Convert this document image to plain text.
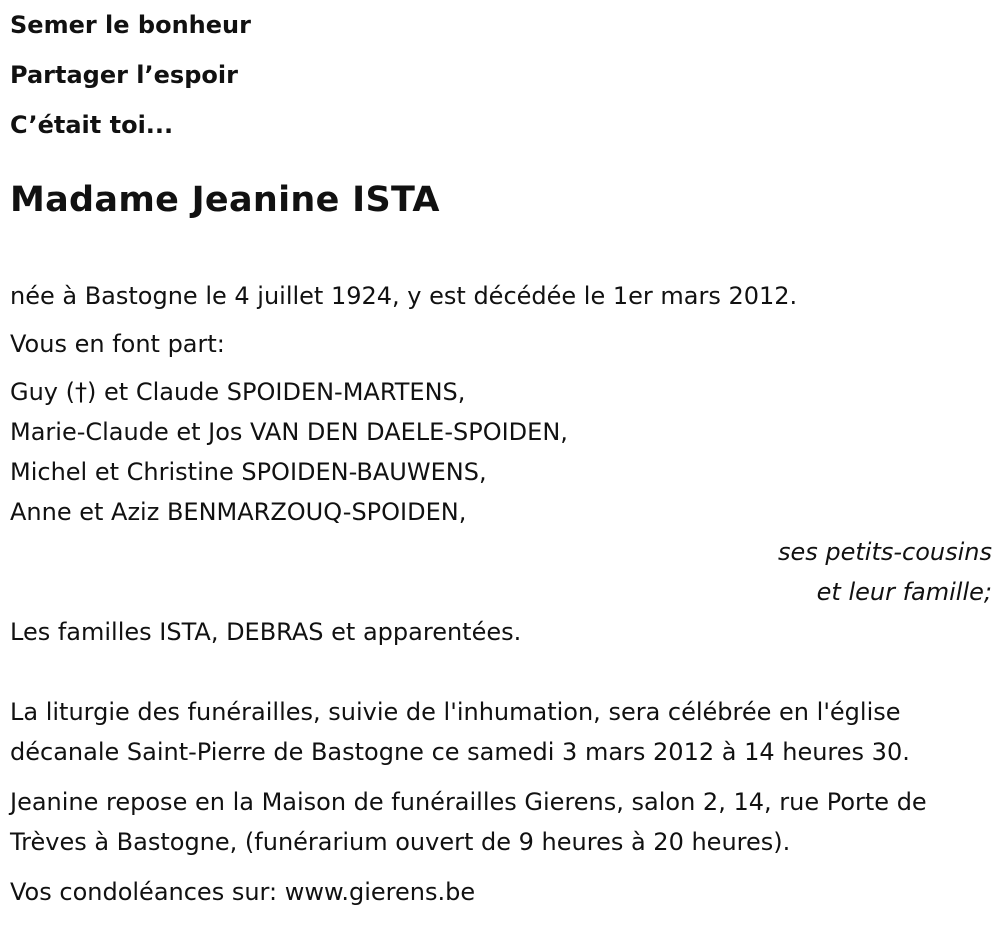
Semer le bonheur

Partager l’espoir

C’était toi...

Madame Jeanine ISTA

née à Bastogne le 4 juillet 1924, y est décédée le 1er mars 2012.

Vous en font part:

Guy (†) et Claude SPOIDEN-MARTENS,

Marie-Claude et Jos VAN DEN DAELE-SPOIDEN,

Michel et Christine SPOIDEN-BAUWENS,

Anne et Aziz BENMARZOUQ-SPOIDEN,

ses petits-cousins

et leur famille;

Les familles ISTA, DEBRAS et apparentées.

La liturgie des funérailles, suivie de l'inhumation, sera célébrée en l'église décanale Saint-Pierre de Bastogne ce samedi 3 mars 2012 à 14 heures 30.

Jeanine repose en la Maison de funérailles Gierens, salon 2, 14, rue Porte de Trèves à Bastogne, (funérarium ouvert de 9 heures à 20 heures).

Vos condoléances sur: www.gierens.be
